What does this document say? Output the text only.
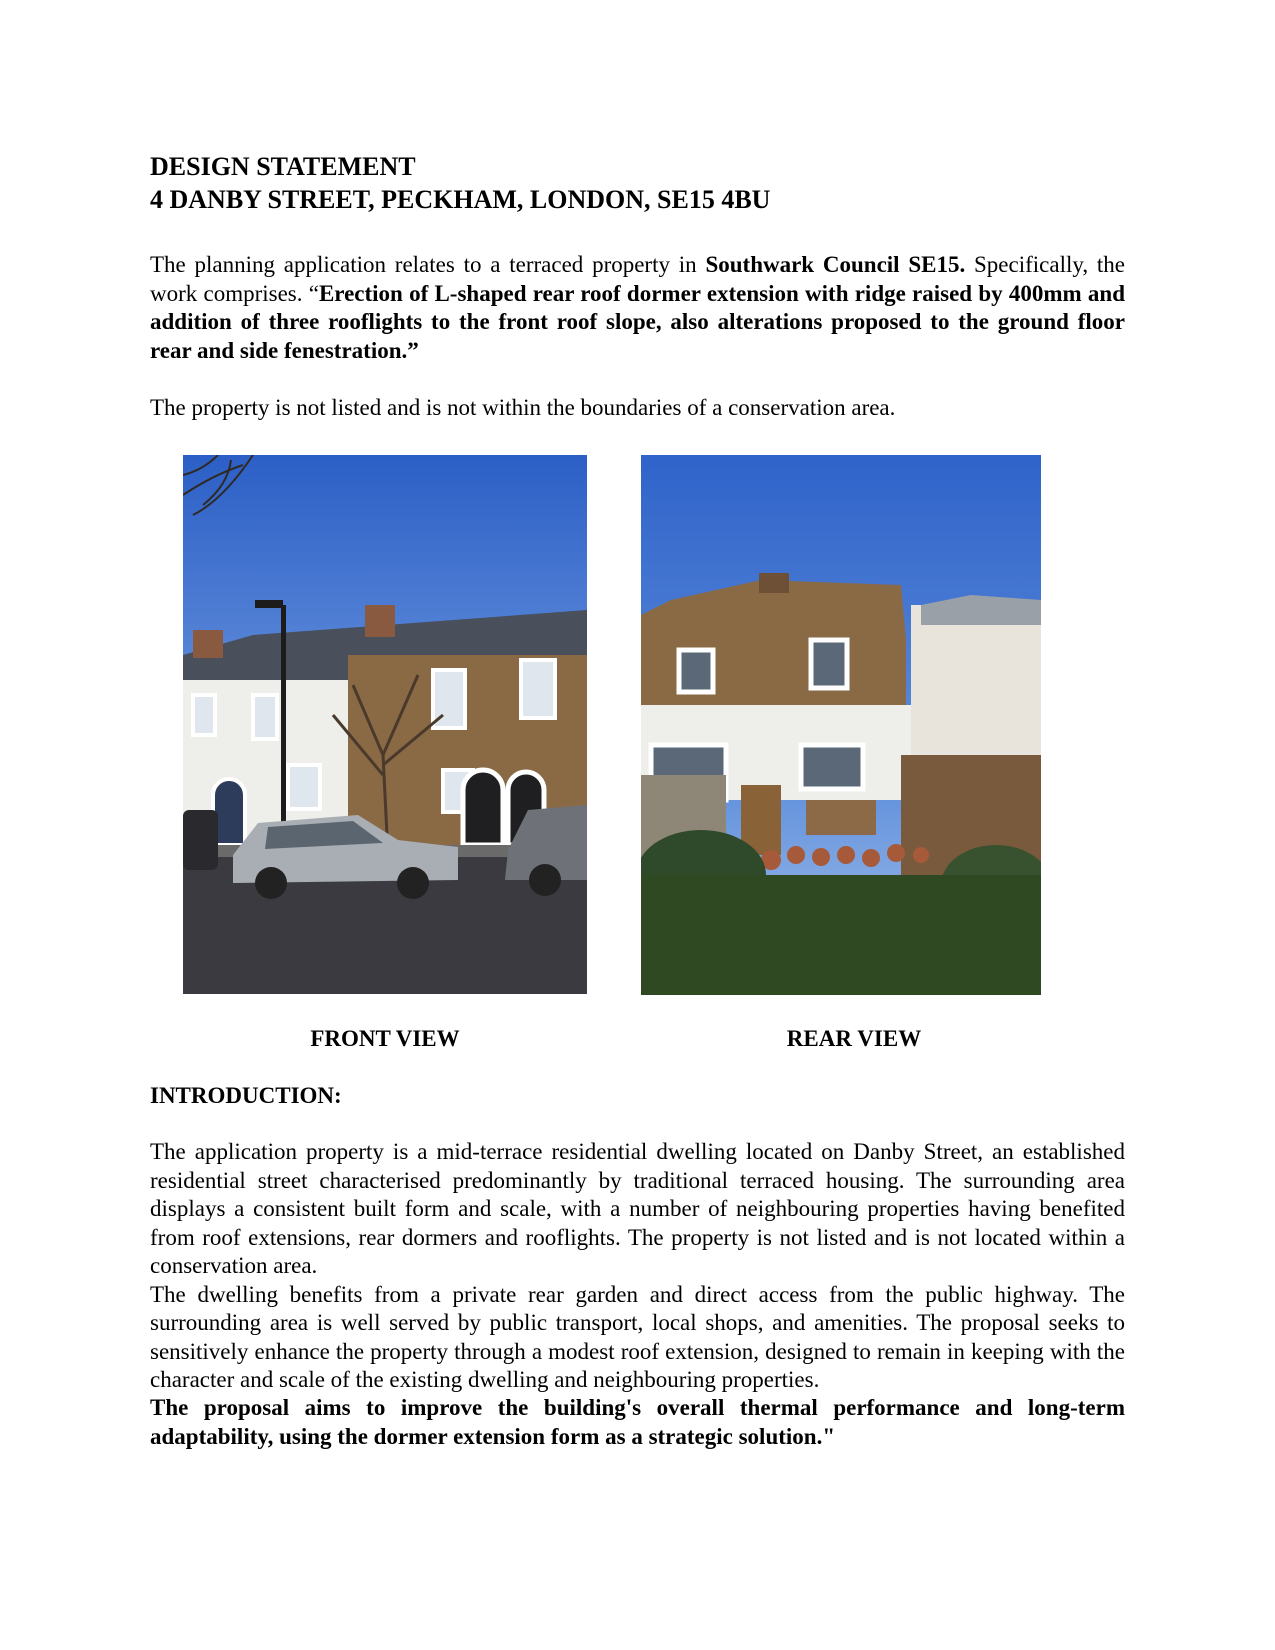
DESIGN STATEMENT
4 DANBY STREET, PECKHAM, LONDON, SE15 4BU

The planning application relates to a terraced property in Southwark Council SE15. Specifically, the work comprises. “Erection of L-shaped rear roof dormer extension with ridge raised by 400mm and addition of three rooflights to the front roof slope, also alterations proposed to the ground floor rear and side fenestration.”

The property is not listed and is not within the boundaries of a conservation area.

FRONT VIEW	REAR VIEW

INTRODUCTION:

The application property is a mid-terrace residential dwelling located on Danby Street, an established residential street characterised predominantly by traditional terraced housing. The surrounding area displays a consistent built form and scale, with a number of neighbouring properties having benefited from roof extensions, rear dormers and rooflights. The property is not listed and is not located within a conservation area.

The dwelling benefits from a private rear garden and direct access from the public highway. The surrounding area is well served by public transport, local shops, and amenities. The proposal seeks to sensitively enhance the property through a modest roof extension, designed to remain in keeping with the character and scale of the existing dwelling and neighbouring properties.

The proposal aims to improve the building's overall thermal performance and long-term adaptability, using the dormer extension form as a strategic solution."
